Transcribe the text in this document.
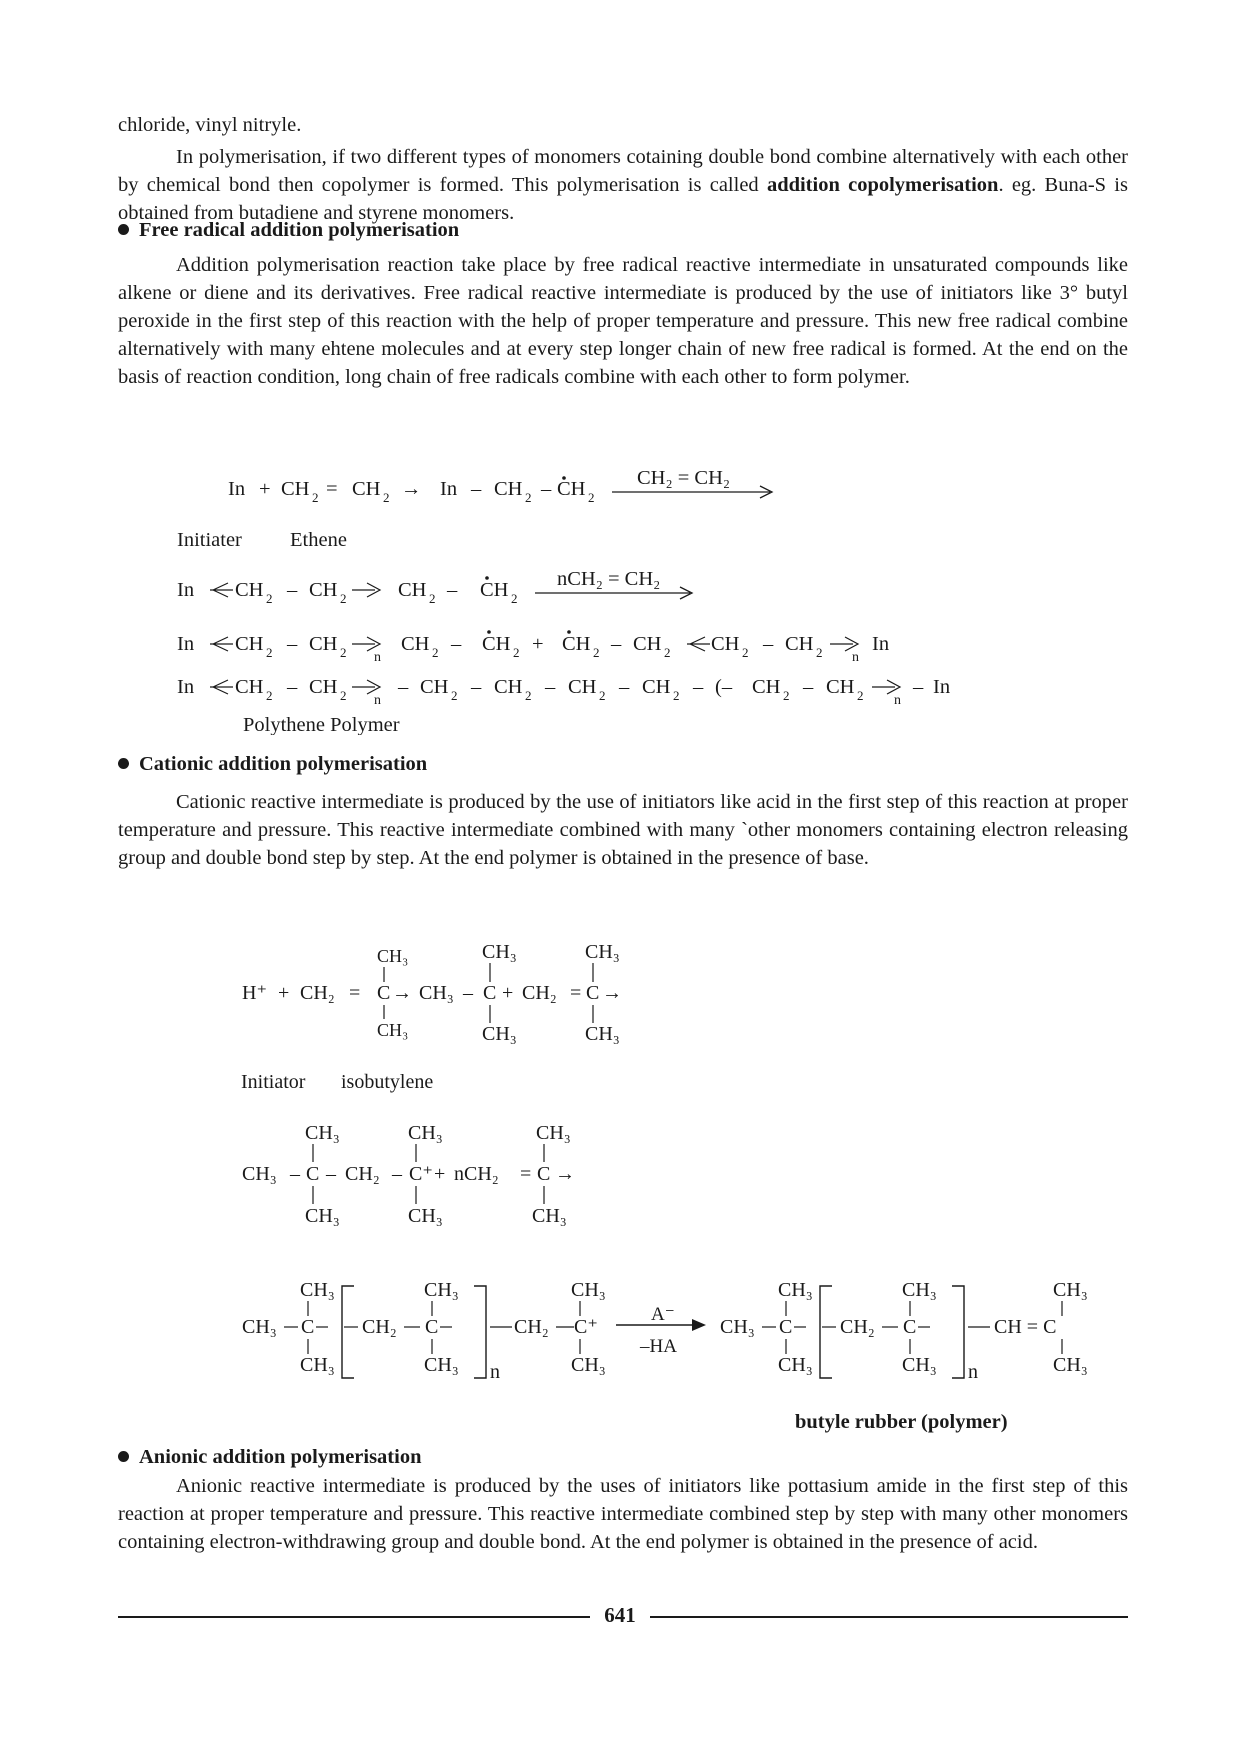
chloride, vinyl nitryle.
In polymerisation, if two different types of monomers cotaining double bond combine alternatively with each other by chemical bond then copolymer is formed. This polymerisation is called addition copolymerisation. eg. Buna-S is obtained from butadiene and styrene monomers.
Free radical addition polymerisation
Addition polymerisation reaction take place by free radical reactive intermediate in unsaturated compounds like alkene or diene and its derivatives. Free radical reactive intermediate is produced by the use of initiators like 3° butyl peroxide in the first step of this reaction with the help of proper temperature and pressure. This new free radical combine alternatively with many ehtene molecules and at every step longer chain of new free radical is formed. At the end on the basis of reaction condition, long chain of free radicals combine with each other to form polymer.
In + CH 2 = CH 2 → In – CH 2 – CH 2
CH₂ = CH₂
Initiater Ethene
In CH 2 – CH 2	CH 2 – CH 2
nCH₂ = CH₂
In CH 2 – CH 2 n
CH 2 – CH 2 + CH 2 – CH 2 CH 2 – CH 2 n
In
In CH 2 – CH 2 n
– CH 2 – CH 2 – CH 2 – CH 2 – (– CH 2 – CH 2 n
– In
Polythene Polymer
Cationic addition polymerisation
Cationic reactive intermediate is produced by the use of initiators like acid in the first step of this reaction at proper temperature and pressure. This reactive intermediate combined with many `other monomers containing electron releasing group and double bond step by step. At the end polymer is obtained in the presence of base.
H⁺ + CH₂ =
CH₃
C
CH₃
→ CH₃ –
CH₃
C
CH₃
+ CH₂ =
CH₃
C
CH₃
→
Initiator isobutylene
CH₃
CH₃ – C
CH₃
– CH₂ –
CH₃
C⁺
CH₃
+ nCH₂ =
CH₃
C
CH₃
→
CH₃
CH₃ C
CH₃
CH₂
CH₃
C
CH₃ n
CH₂
CH₃
C⁺
CH₃
A⁻
–HA
CH₃
CH₃ C
CH₃
CH₂
CH₃
C
CH₃ n
CH = C
CH₃
CH₃
butyle rubber (polymer)
Anionic addition polymerisation
Anionic reactive intermediate is produced by the uses of initiators like pottasium amide in the first step of this reaction at proper temperature and pressure. This reactive intermediate combined step by step with many other monomers containing electron-withdrawing group and double bond. At the end polymer is obtained in the presence of acid.
641
